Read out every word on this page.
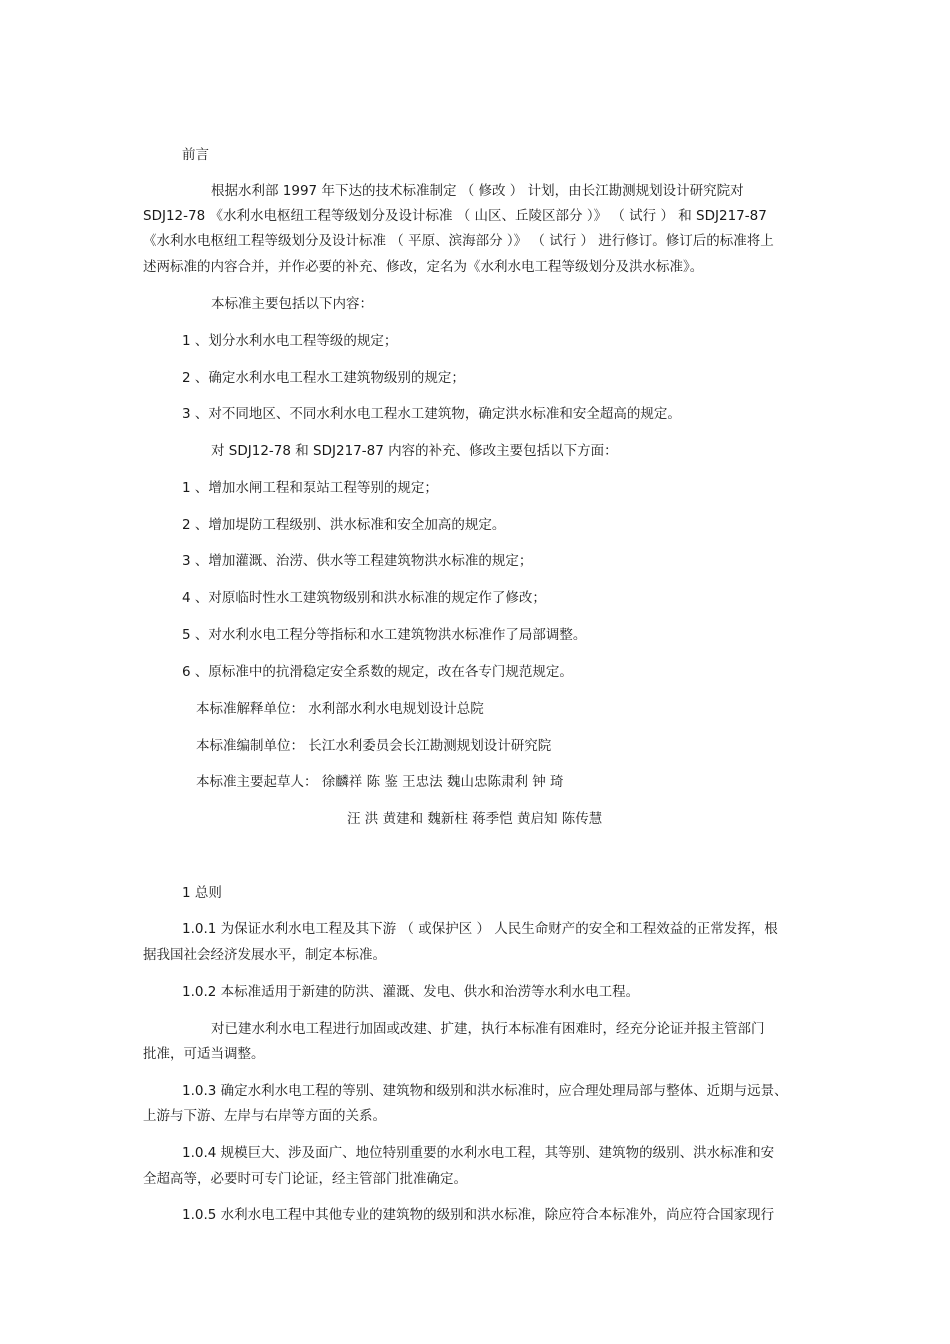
前言
根据水利部 1997 年下达的技术标准制定 （ 修改 ） 计划，由长江勘测规划设计研究院对
SDJ12-78 《水利水电枢纽工程等级划分及设计标准 （ 山区、丘陵区部分 ）》 （ 试行 ） 和 SDJ217-87
《水利水电枢纽工程等级划分及设计标准 （ 平原、滨海部分 ）》 （ 试行 ） 进行修订。修订后的标准将上
述两标准的内容合并，并作必要的补充、修改，定名为《水利水电工程等级划分及洪水标准》。
本标准主要包括以下内容：
1 、划分水利水电工程等级的规定；
2 、确定水利水电工程水工建筑物级别的规定；
3 、对不同地区、不同水利水电工程水工建筑物，确定洪水标准和安全超高的规定。
对 SDJ12-78 和 SDJ217-87 内容的补充、修改主要包括以下方面：
1 、增加水闸工程和泵站工程等别的规定；
2 、增加堤防工程级别、洪水标准和安全加高的规定。
3 、增加灌溉、治涝、供水等工程建筑物洪水标准的规定；
4 、对原临时性水工建筑物级别和洪水标准的规定作了修改；
5 、对水利水电工程分等指标和水工建筑物洪水标准作了局部调整。
6 、原标准中的抗滑稳定安全系数的规定，改在各专门规范规定。
本标准解释单位： 水利部水利水电规划设计总院
本标准编制单位： 长江水利委员会长江勘测规划设计研究院
本标准主要起草人： 徐麟祥 陈 鉴 王忠法 魏山忠陈肃利 钟 琦
汪 洪 黄建和 魏新柱 蒋季恺 黄启知 陈传慧
1 总则
1.0.1 为保证水利水电工程及其下游 （ 或保护区 ） 人民生命财产的安全和工程效益的正常发挥，根
据我国社会经济发展水平，制定本标准。
1.0.2 本标准适用于新建的防洪、灌溉、发电、供水和治涝等水利水电工程。
对已建水利水电工程进行加固或改建、扩建，执行本标准有困难时，经充分论证并报主管部门
批准，可适当调整。
1.0.3 确定水利水电工程的等别、建筑物和级别和洪水标准时，应合理处理局部与整体、近期与远景、
上游与下游、左岸与右岸等方面的关系。
1.0.4 规模巨大、涉及面广、地位特别重要的水利水电工程，其等别、建筑物的级别、洪水标准和安
全超高等，必要时可专门论证，经主管部门批准确定。
1.0.5 水利水电工程中其他专业的建筑物的级别和洪水标准，除应符合本标准外，尚应符合国家现行
